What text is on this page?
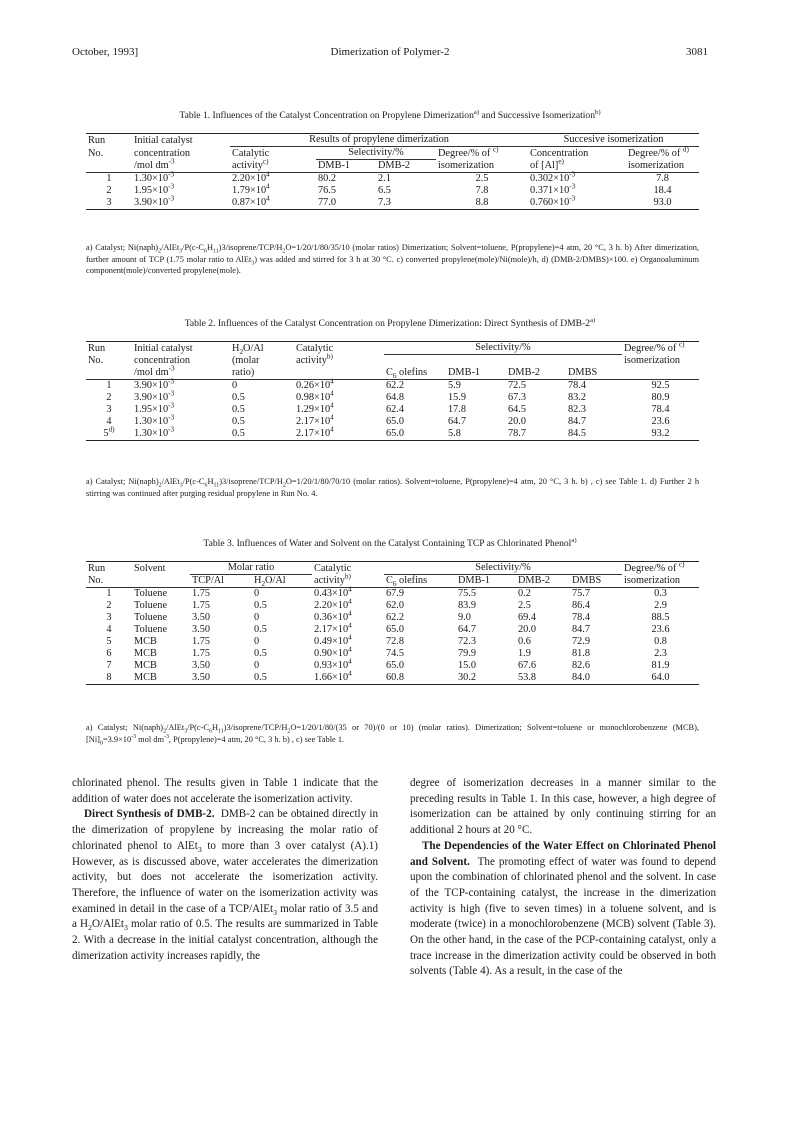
October, 1993]	Dimerization of Polymer-2	3081
Table 1. Influences of the Catalyst Concentration on Propylene Dimerization$^{a)}$ and Successive Isomerization$^{b)}$

Run	Initial catalyst	Results of propylene dimerization				Succesive isomerization	
No.	concentration	Catalytic	Selectivity/%		Degree/% of $^{c)}$	Concentration	Degree/% of $^{d)}$
	/mol $dm^{-3}$	activity$^{c)}$	DMB-1	DMB-2	isomerization	of $[Al]^{e)}$	isomerization
1	$1.30\times 10^{-3}$	$2.20\times 10^4$	80.2	2.1	2.5	$0.302\times 10^{-3}$	7.8
2	$1.95\times 10^{-3}$	$1.79\times 10^4$	76.5	6.5	7.8	$0.371\times 10^{-3}$	18.4
3	$3.90\times 10^{-3}$	$0.87\times 10^4$	77.0	7.3	8.8	$0.760\times 10^{-3}$	93.0
a) Catalyst; $Ni(naph)_2/AlEt_3/P(c-C_6H_{11})3/isoprene/TCP/H_2O=1/20/1/80/35/10$ (molar ratios) Dimerization; Solvent=toluene, P(propylene)=4 atm, 20 °C, 3 h. b) After dimerization, further amount of TCP (1.75 molar ratio to AlEt$_3$) was added and stirred for 3 h at 30 °C. c) converted propylene(mole)/Ni(mole)/h, d) (DMB-2/DMBS)×100. e) Organoaluminum component(mole)/converted propylene(mole).
Table 2. Influences of the Catalyst Concentration on Propylene Dimerization: Direct Synthesis of DMB-2$^{a)}$

Run	Initial catalyst	$H_2O/Al$	Catalytic	Selectivity/%				Degree/% of $^{c)}$
No.	concentration	(molar	activity$^{b)}$					isomerization
	/mol $dm^{-3}$	ratio)		$C_6$ olefins	DMB-1	DMB-2	DMBS	
1	$3.90\times 10^{-3}$	0	$0.26\times 10^4$	62.2	5.9	72.5	78.4	92.5
2	$3.90\times 10^{-3}$	0.5	$0.98\times 10^4$	64.8	15.9	67.3	83.2	80.9
3	$1.95\times 10^{-3}$	0.5	$1.29\times 10^4$	62.4	17.8	64.5	82.3	78.4
4	$1.30\times 10^{-3}$	0.5	$2.17\times 10^4$	65.0	64.7	20.0	84.7	23.6
5$^{d)}$	$1.30\times 10^{-3}$	0.5	$2.17\times 10^4$	65.0	5.8	78.7	84.5	93.2
a) Catalyst; $Ni(naph)_2/AlEt_3/P(c-C_6H_{11})3/isoprene/TCP/H_2O=1/20/1/80/70/10$ (molar ratios). Solvent=toluene, P(propylene)=4 atm, 20 °C, 3 h. b) , c) see Table 1. d) Further 2 h stirring was continued after purging residual propylene in Run No. 4.
Table 3. Influences of Water and Solvent on the Catalyst Containing TCP as Chlorinated Phenol$^{a)}$

Run	Solvent	Molar ratio		Catalytic	Selectivity/%				Degree/% of $^{c)}$
No.		TCP/Al	$H_2O/Al$	activity$^{b)}$	$C_6$ olefins	DMB-1	DMB-2	DMBS	isomerization
1	Toluene	1.75	0	$0.43\times 10^4$	67.9	75.5	0.2	75.7	0.3
2	Toluene	1.75	0.5	$2.20\times 10^4$	62.0	83.9	2.5	86.4	2.9
3	Toluene	3.50	0	$0.36\times 10^4$	62.2	9.0	69.4	78.4	88.5
4	Toluene	3.50	0.5	$2.17\times 10^4$	65.0	64.7	20.0	84.7	23.6
5	MCB	1.75	0	$0.49\times 10^4$	72.8	72.3	0.6	72.9	0.8
6	MCB	1.75	0.5	$0.90\times 10^4$	74.5	79.9	1.9	81.8	2.3
7	MCB	3.50	0	$0.93\times 10^4$	65.0	15.0	67.6	82.6	81.9
8	MCB	3.50	0.5	$1.66\times 10^4$	60.8	30.2	53.8	84.0	64.0
a) Catalyst; $Ni(naph)_2/AlEt_3/P(c-C_6H_{11})3/isoprene/TCP/H_2O=1/20/1/80/(35$ or 70)/(0 or 10) (molar ratios). Dimerization; Solvent=toluene or monochlorobenzene (MCB), $[Ni]_0=3.9\times 10^{-3}$ mol $dm^{-3}$, P(propylene)=4 atm, 20 °C, 3 h. b) , c) see Table 1.

chlorinated phenol. The results given in Table 1 indicate that the addition of water does not accelerate the isomerization activity.

Direct Synthesis of DMB-2. DMB-2 can be obtained directly in the dimerization of propylene by increasing the molar ratio of chlorinated phenol to AlEt$_3$ to more than 3 over catalyst (A).1) However, as is discussed above, water accelerates the dimerization activity, but does not accelerate the isomerization activity. Therefore, the influence of water on the isomerization activity was examined in detail in the case of a TCP/AlEt$_3$ molar ratio of 3.5 and a $H_2O/AlEt_3$ molar ratio of 0.5. The results are summarized in Table 2. With a decrease in the initial catalyst concentration, although the dimerization activity increases rapidly, the

degree of isomerization decreases in a manner similar to the preceding results in Table 1. In this case, however, a high degree of isomerization can be attained by only continuing stirring for an additional 2 hours at 20 °C.

The Dependencies of the Water Effect on Chlorinated Phenol and Solvent. The promoting effect of water was found to depend upon the combination of chlorinated phenol and the solvent. In case of the TCP-containing catalyst, the increase in the dimerization activity is high (five to seven times) in a toluene solvent, and is moderate (twice) in a monochlorobenzene (MCB) solvent (Table 3). On the other hand, in the case of the PCP-containing catalyst, only a trace increase in the dimerization activity could be observed in both solvents (Table 4). As a result, in the case of the
